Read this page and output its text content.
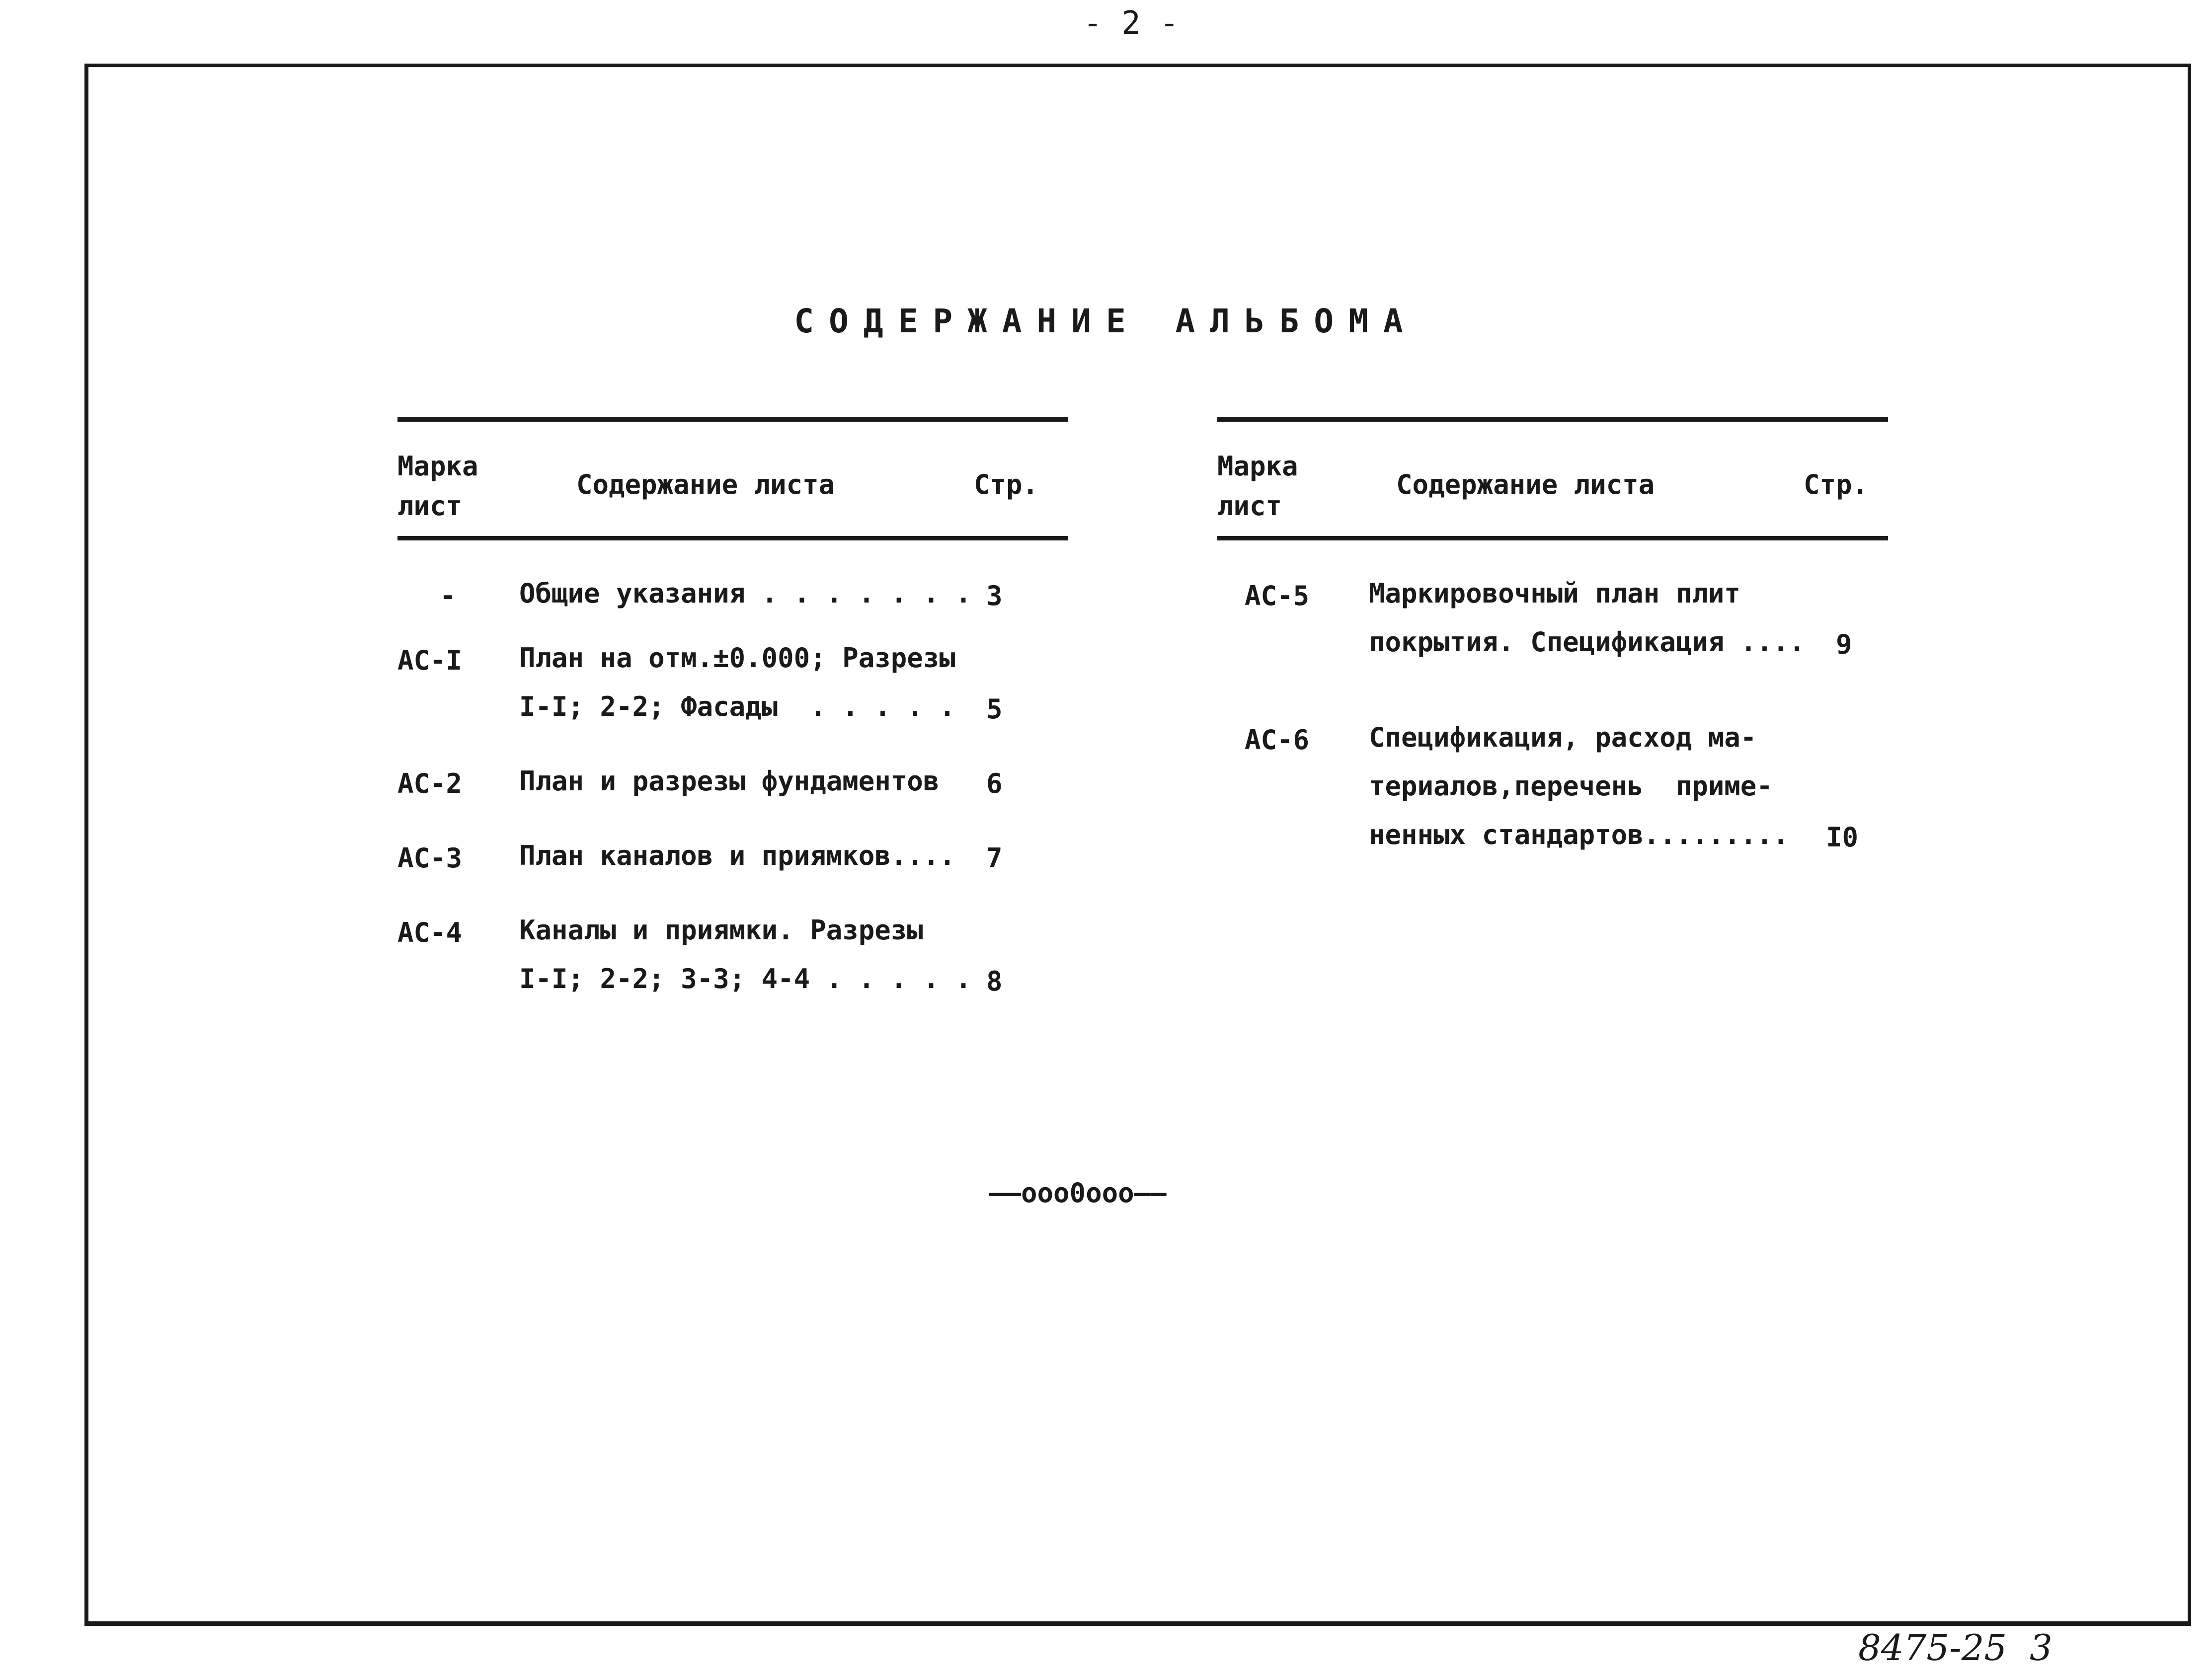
- 2 -
СОДЕРЖАНИЕ АЛЬБОМА
Марка
лист
Содержание листа	Стр.
- Общие указания . . . . . . . 3
АС-I План на отм.±0.000; Разрезы
I-I; 2-2; Фасады  . . . . . 5
АС-2 План и разрезы фундаментов 6
АС-3 План каналов и приямков.... 7
АС-4 Каналы и приямки. Разрезы
I-I; 2-2; 3-3; 4-4 . . . . . 8
Марка
лист
Содержание листа	Стр.
АС-5 Маркировочный план плит
покрытия. Спецификация .... 9
АС-6 Спецификация, расход ма-
териалов,перечень  приме-
ненных стандартов......... I0
——ooo0ooo——
8475-25  3
